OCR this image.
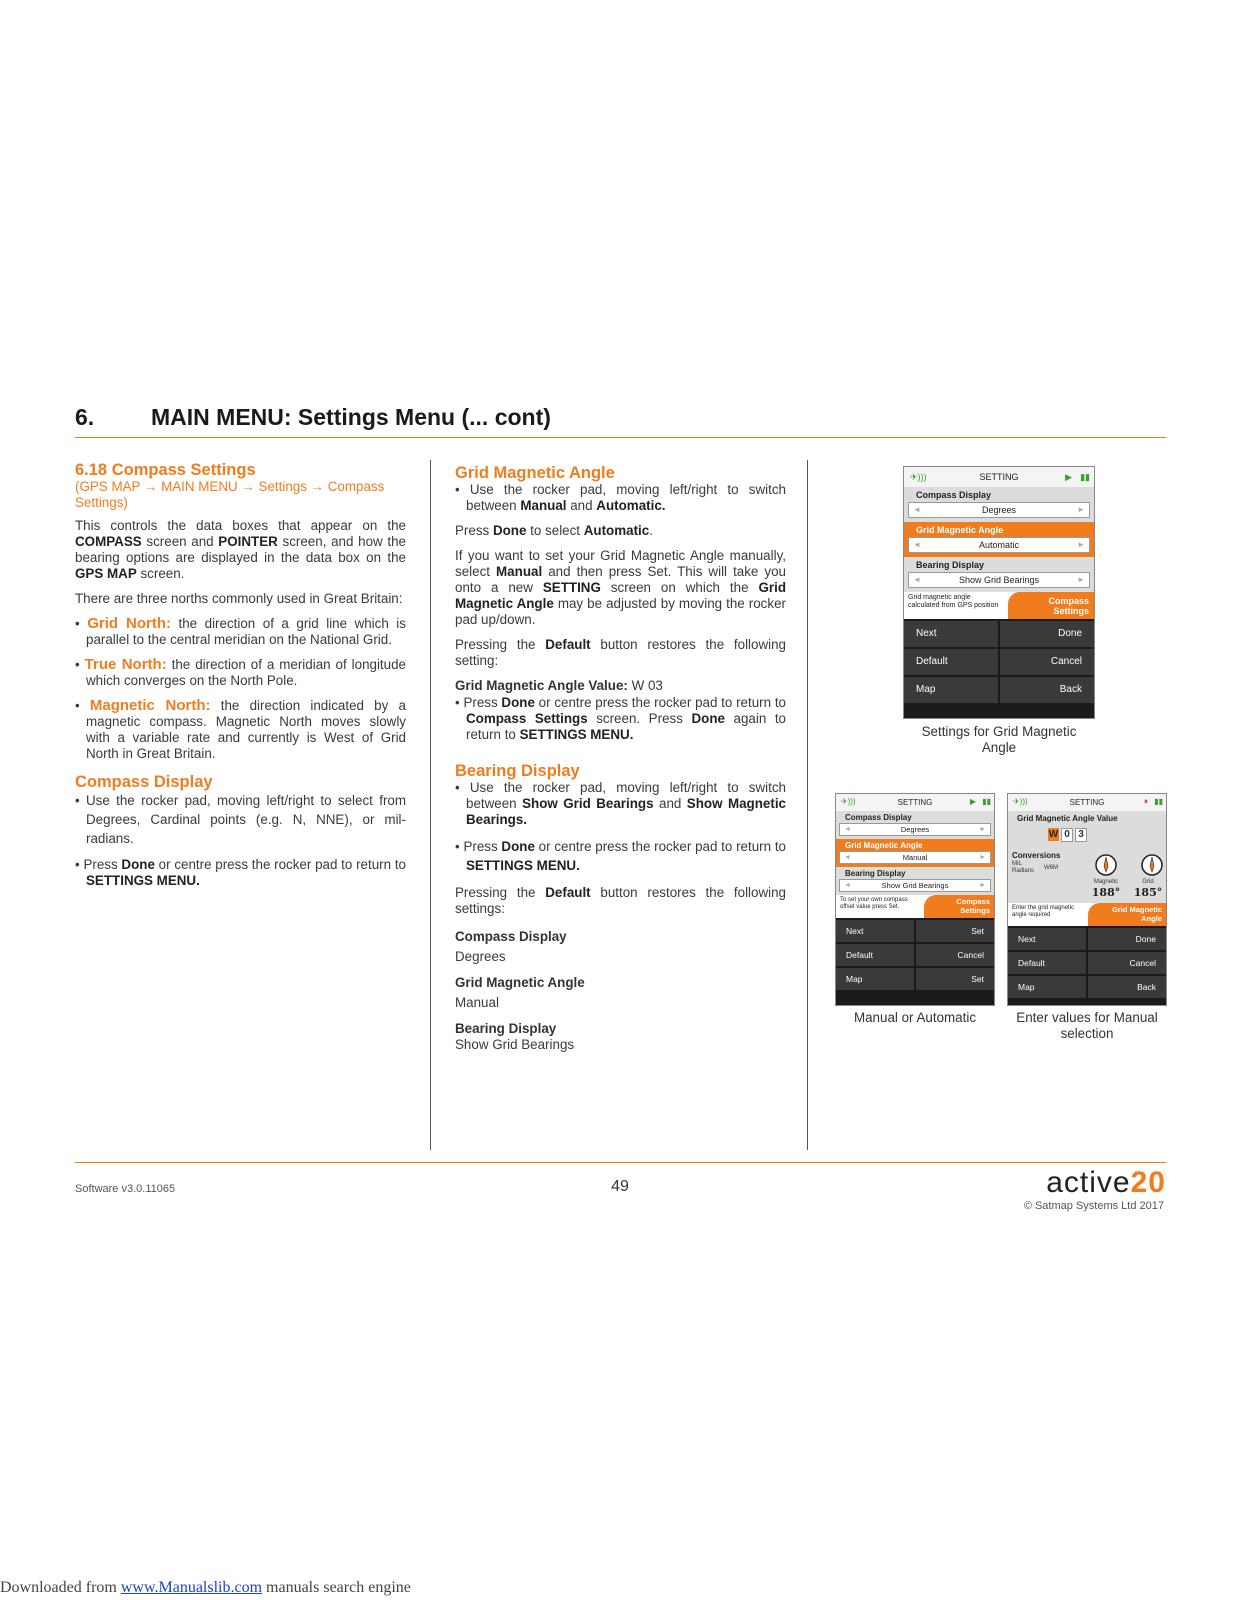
6. MAIN MENU: Settings Menu (... cont)
6.18 Compass Settings
(GPS MAP → MAIN MENU → Settings → Compass Settings)

This controls the data boxes that appear on the COMPASS screen and POINTER screen, and how the bearing options are displayed in the data box on the GPS MAP screen.

There are three norths commonly used in Great Britain:

• Grid North: the direction of a grid line which is parallel to the central meridian on the National Grid.
• True North: the direction of a meridian of longitude which converges on the North Pole.
• Magnetic North: the direction indicated by a magnetic compass. Magnetic North moves slowly with a variable rate and currently is West of Grid North in Great Britain.
Compass Display
• Use the rocker pad, moving left/right to select from Degrees, Cardinal points (e.g. N, NNE), or mil-radians.
• Press Done or centre press the rocker pad to return to SETTINGS MENU.
Grid Magnetic Angle
• Use the rocker pad, moving left/right to switch between Manual and Automatic.

Press Done to select Automatic.

If you want to set your Grid Magnetic Angle manually, select Manual and then press Set. This will take you onto a new SETTING screen on which the Grid Magnetic Angle may be adjusted by moving the rocker pad up/down.

Pressing the Default button restores the following setting:

Grid Magnetic Angle Value: W 03
• Press Done or centre press the rocker pad to return to Compass Settings screen. Press Done again to return to SETTINGS MENU.
Bearing Display
• Use the rocker pad, moving left/right to switch between Show Grid Bearings and Show Magnetic Bearings.
• Press Done or centre press the rocker pad to return to SETTINGS MENU.

Pressing the Default button restores the following settings:

Compass Display
Degrees
Grid Magnetic Angle
Manual
Bearing Display
Show Grid Bearings
✈)))	SETTING	▶ ▮▮
Compass Display
◄	Degrees	►
Grid Magnetic Angle
◄	Automatic	►
Bearing Display
◄	Show Grid Bearings	►
Grid magnetic angle calculated from GPS position	Compass Settings
Next	Done
Default	Cancel
Map	Back
Settings for Grid Magnetic Angle
✈)))	SETTING	▶ ▮▮
Compass Display
◄	Degrees	►
Grid Magnetic Angle
◄	Manual	►
Bearing Display
◄	Show Grid Bearings	►
To set your own compass offset value press Set.
Compass Settings
Next	Set
Default	Cancel
Map	Set
Manual or Automatic
✈)))	SETTING	⏸ ▮▮
Grid Magnetic Angle Value
W 0 3
Conversions
MIL
Radians W6M
Magnetic
188°
Grid
185°
Enter the grid magnetic angle required
Grid Magnetic Angle
Next	Done
Default	Cancel
Map	Back
Enter values for Manual selection
Software v3.0.11065	49	active20
© Satmap Systems Ltd 2017
Downloaded from www.Manualslib.com manuals search engine
